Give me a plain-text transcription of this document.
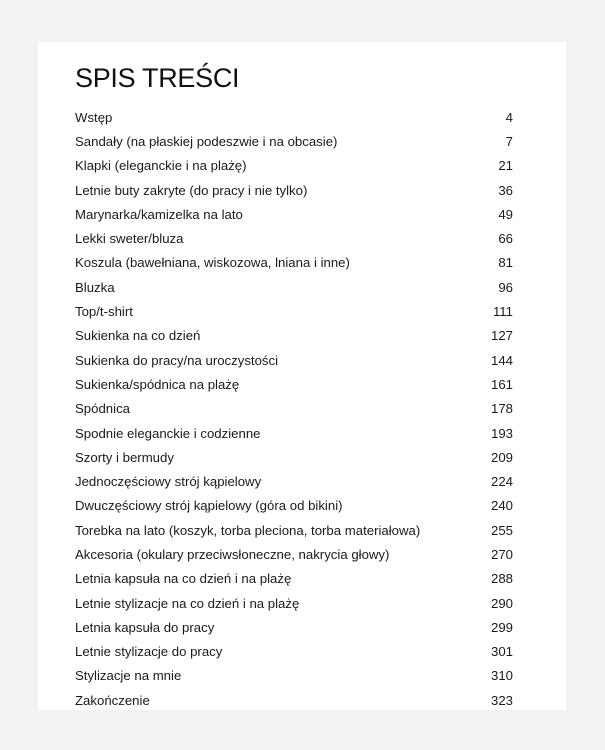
SPIS TREŚCI
Wstęp	4
Sandały (na płaskiej podeszwie i na obcasie)	7
Klapki (eleganckie i na plażę)	21
Letnie buty zakryte (do pracy i nie tylko)	36
Marynarka/kamizelka na lato	49
Lekki sweter/bluza	66
Koszula (bawełniana, wiskozowa, lniana i inne)	81
Bluzka	96
Top/t-shirt	111
Sukienka na co dzień	127
Sukienka do pracy/na uroczystości	144
Sukienka/spódnica na plażę	161
Spódnica	178
Spodnie eleganckie i codzienne	193
Szorty i bermudy	209
Jednoczęściowy strój kąpielowy	224
Dwuczęściowy strój kąpielowy (góra od bikini)	240
Torebka na lato (koszyk, torba pleciona, torba materiałowa)	255
Akcesoria (okulary przeciwsłoneczne, nakrycia głowy)	270
Letnia kapsuła na co dzień i na plażę	288
Letnie stylizacje na co dzień i na plażę	290
Letnia kapsuła do pracy	299
Letnie stylizacje do pracy	301
Stylizacje na mnie	310
Zakończenie	323
